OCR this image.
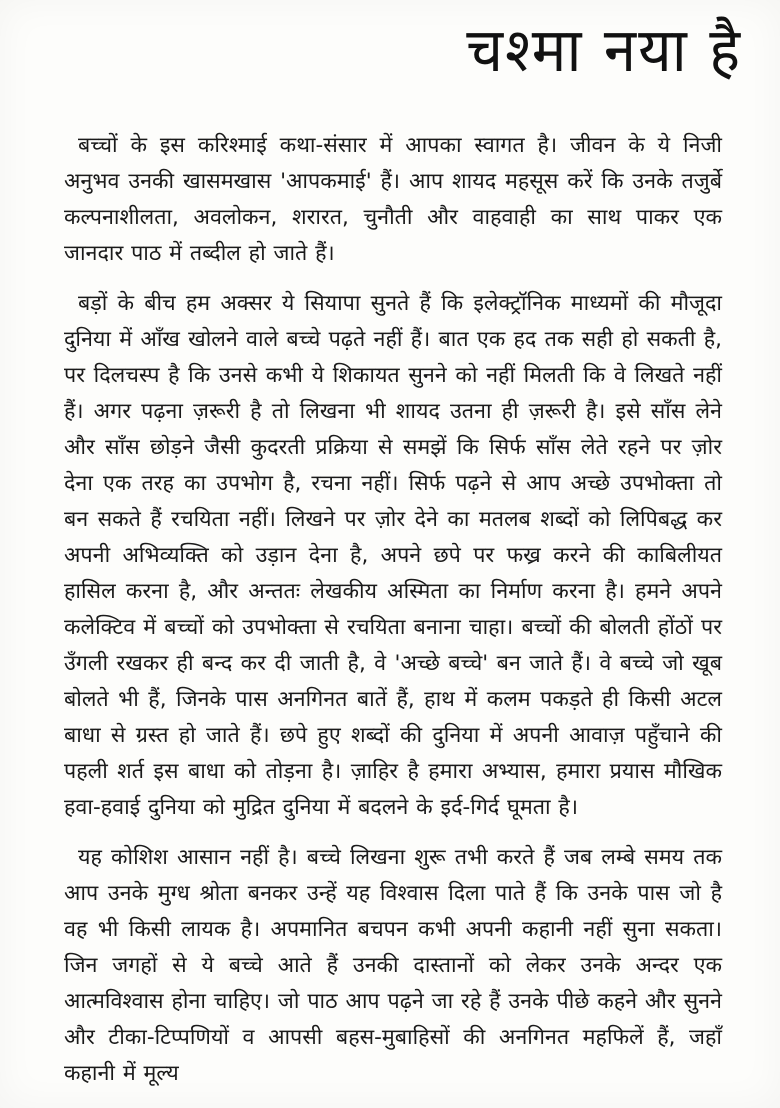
चश्मा नया है

बच्चों के इस करिश्माई कथा-संसार में आपका स्वागत है। जीवन के ये निजी अनुभव उनकी खासमखास 'आपकमाई' हैं। आप शायद महसूस करें कि उनके तजुर्बे कल्पनाशीलता, अवलोकन, शरारत, चुनौती और वाहवाही का साथ पाकर एक जानदार पाठ में तब्दील हो जाते हैं।

बड़ों के बीच हम अक्सर ये सियापा सुनते हैं कि इलेक्ट्रॉनिक माध्यमों की मौजूदा दुनिया में आँख खोलने वाले बच्चे पढ़ते नहीं हैं। बात एक हद तक सही हो सकती है, पर दिलचस्प है कि उनसे कभी ये शिकायत सुनने को नहीं मिलती कि वे लिखते नहीं हैं। अगर पढ़ना ज़रूरी है तो लिखना भी शायद उतना ही ज़रूरी है। इसे साँस लेने और साँस छोड़ने जैसी कुदरती प्रक्रिया से समझें कि सिर्फ साँस लेते रहने पर ज़ोर देना एक तरह का उपभोग है, रचना नहीं। सिर्फ पढ़ने से आप अच्छे उपभोक्ता तो बन सकते हैं रचयिता नहीं। लिखने पर ज़ोर देने का मतलब शब्दों को लिपिबद्ध कर अपनी अभिव्यक्ति को उड़ान देना है, अपने छपे पर फख्र करने की काबिलीयत हासिल करना है, और अन्ततः लेखकीय अस्मिता का निर्माण करना है। हमने अपने कलेक्टिव में बच्चों को उपभोक्ता से रचयिता बनाना चाहा। बच्चों की बोलती होंठों पर उँगली रखकर ही बन्द कर दी जाती है, वे 'अच्छे बच्चे' बन जाते हैं। वे बच्चे जो खूब बोलते भी हैं, जिनके पास अनगिनत बातें हैं, हाथ में कलम पकड़ते ही किसी अटल बाधा से ग्रस्त हो जाते हैं। छपे हुए शब्दों की दुनिया में अपनी आवाज़ पहुँचाने की पहली शर्त इस बाधा को तोड़ना है। ज़ाहिर है हमारा अभ्यास, हमारा प्रयास मौखिक हवा-हवाई दुनिया को मुद्रित दुनिया में बदलने के इर्द-गिर्द घूमता है।

यह कोशिश आसान नहीं है। बच्चे लिखना शुरू तभी करते हैं जब लम्बे समय तक आप उनके मुग्ध श्रोता बनकर उन्हें यह विश्वास दिला पाते हैं कि उनके पास जो है वह भी किसी लायक है। अपमानित बचपन कभी अपनी कहानी नहीं सुना सकता। जिन जगहों से ये बच्चे आते हैं उनकी दास्तानों को लेकर उनके अन्दर एक आत्मविश्वास होना चाहिए। जो पाठ आप पढ़ने जा रहे हैं उनके पीछे कहने और सुनने और टीका-टिप्पणियों व आपसी बहस-मुबाहिसों की अनगिनत महफिलें हैं, जहाँ कहानी में मूल्य
